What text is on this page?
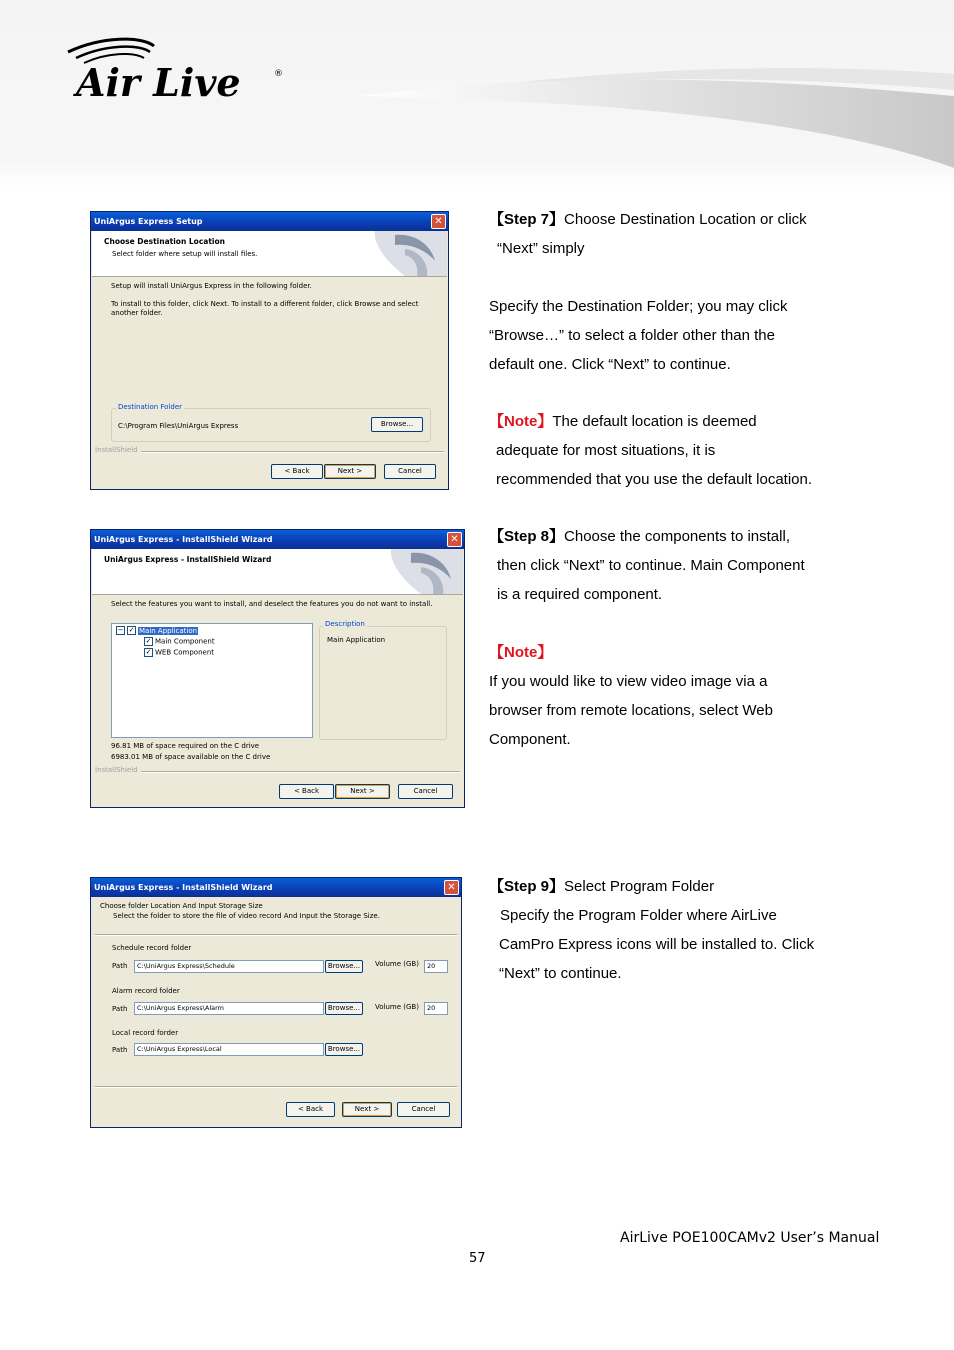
Air Live	®
UniArgus Express Setup	✕
Choose Destination Location
Select folder where setup will install files.
Setup will install UniArgus Express in the following folder.
To install to this folder, click Next. To install to a different folder, click Browse and select
another folder.
Destination Folder
C:\Program Files\UniArgus Express	Browse...
InstallShield
< Back	Next >	Cancel

【Step 7】Choose Destination Location or click

“Next” simply

Specify the Destination Folder; you may click

“Browse…” to select a folder other than the

default one. Click “Next” to continue.

【Note】The default location is deemed

adequate for most situations, it is

recommended that you use the default location.

UniArgus Express - InstallShield Wizard	✕
UniArgus Express - InstallShield Wizard
Select the features you want to install, and deselect the features you do not want to install.
− ✓ Main Application
✓ Main Component
✓ WEB Component
Description
Main Application
96.81 MB of space required on the C drive
6983.01 MB of space available on the C drive
InstallShield
< Back	Next >	Cancel

【Step 8】Choose the components to install,

then click “Next” to continue. Main Component

is a required component.

【Note】

If you would like to view video image via a

browser from remote locations, select Web

Component.

UniArgus Express - InstallShield Wizard	✕
Choose folder Location And Input Storage Size
Select the folder to store the file of video record And Input the Storage Size.
Schedule record folder
Path	C:\UniArgus Express\Schedule	Browse...	Volume (GB)	20
Alarm record folder
Path	C:\UniArgus Express\Alarm	Browse...	Volume (GB)	20
Local record forder
Path	C:\UniArgus Express\Local	Browse...
< Back	Next >	Cancel

【Step 9】Select Program Folder

Specify the Program Folder where AirLive

CamPro Express icons will be installed to. Click

“Next” to continue.

AirLive POE100CAMv2 User’s Manual
57
